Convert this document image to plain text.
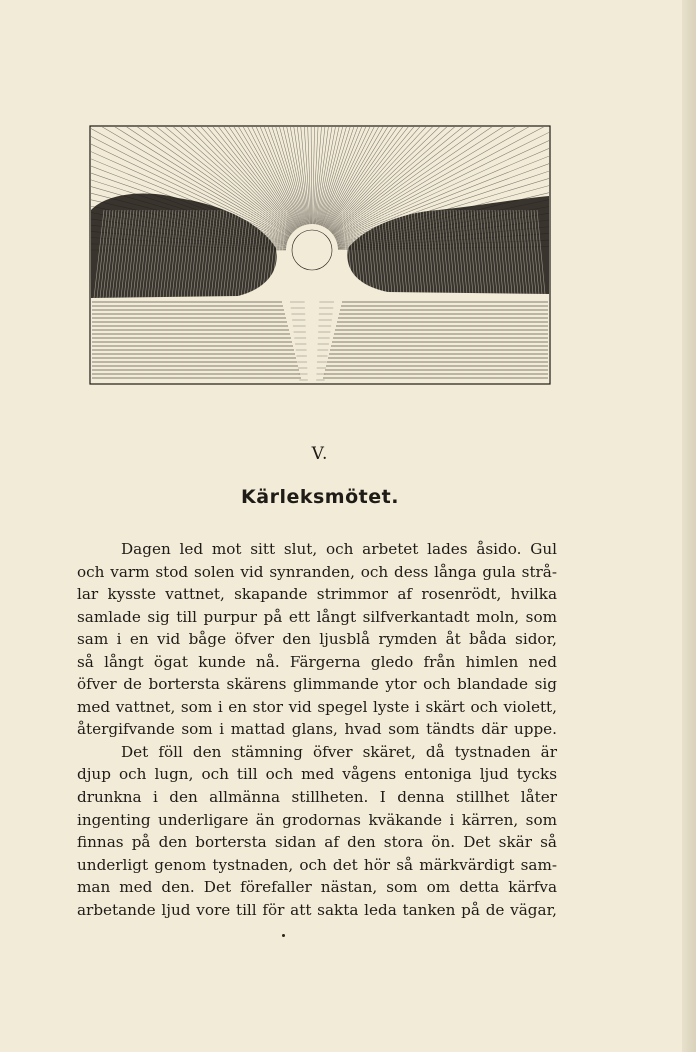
V.
Kärleksmötet.
Dagen led mot sitt slut, och arbetet lades åsido. Gul
och varm stod solen vid synranden, och dess långa gula strå-
lar kysste vattnet, skapande strimmor af rosenrödt, hvilka
samlade sig till purpur på ett långt silfverkantadt moln, som
sam i en vid båge öfver den ljusblå rymden åt båda sidor,
så långt ögat kunde nå. Färgerna gledo från himlen ned
öfver de bortersta skärens glimmande ytor och blandade sig
med vattnet, som i en stor vid spegel lyste i skärt och violett,
återgifvande som i mattad glans, hvad som tändts där uppe.
Det föll den stämning öfver skäret, då tystnaden är
djup och lugn, och till och med vågens entoniga ljud tycks
drunkna i den allmänna stillheten. I denna stillhet låter
ingenting underligare än grodornas kväkande i kärren, som
finnas på den bortersta sidan af den stora ön. Det skär så
underligt genom tystnaden, och det hör så märkvärdigt sam-
man med den. Det förefaller nästan, som om detta kärfva
arbetande ljud vore till för att sakta leda tanken på de vägar,
